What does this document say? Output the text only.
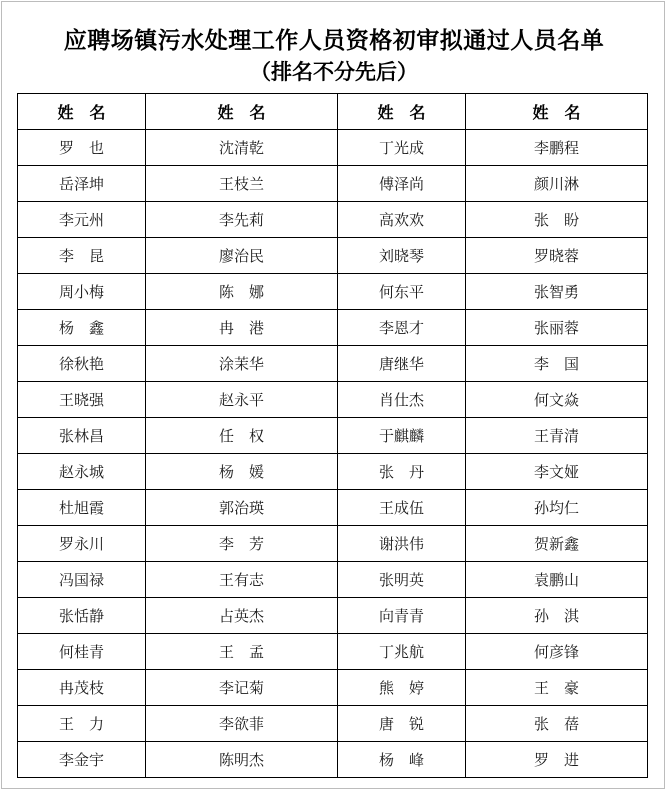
应聘场镇污水处理工作人员资格初审拟通过人员名单
（排名不分先后）
姓　名	姓　名	姓　名	姓　名
罗　也	沈清乾	丁光成	李鹏程
岳泽坤	王枝兰	傅泽尚	颜川淋
李元州	李先莉	高欢欢	张　盼
李　昆	廖治民	刘晓琴	罗晓蓉
周小梅	陈　娜	何东平	张智勇
杨　鑫	冉　港	李恩才	张丽蓉
徐秋艳	涂茉华	唐继华	李　国
王晓强	赵永平	肖仕杰	何文焱
张林昌	任　权	于麒麟	王青清
赵永城	杨　媛	张　丹	李文娅
杜旭霞	郭治瑛	王成伍	孙均仁
罗永川	李　芳	谢洪伟	贺新鑫
冯国禄	王有志	张明英	袁鹏山
张恬静	占英杰	向青青	孙　淇
何桂青	王　孟	丁兆航	何彦锋
冉茂枝	李记菊	熊　婷	王　豪
王　力	李欲菲	唐　锐	张　蓓
李金宇	陈明杰	杨　峰	罗　进
